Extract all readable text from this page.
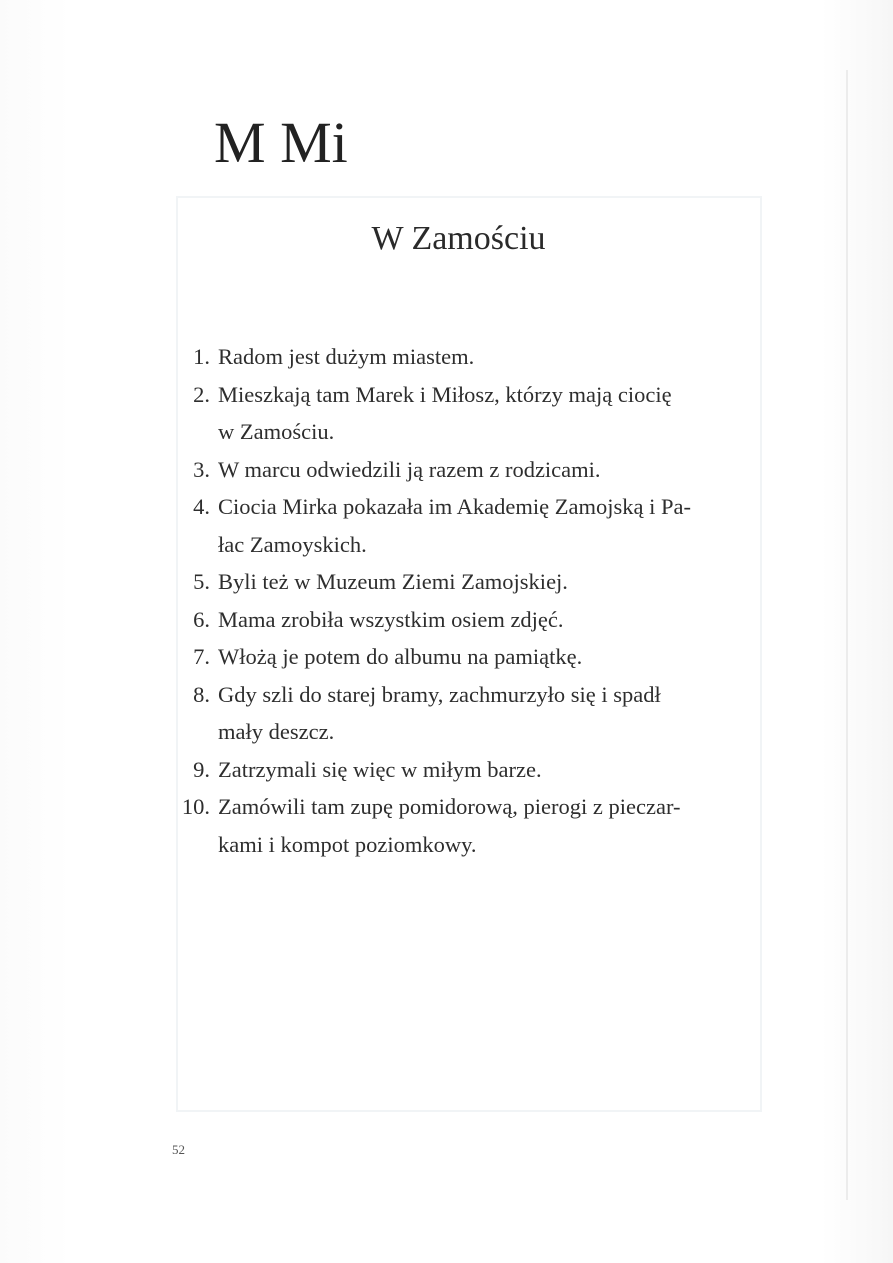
M Mi
W Zamościu
1. Radom jest dużym miastem.
2. Mieszkają tam Marek i Miłosz, którzy mają ciocię
w Zamościu.
3. W marcu odwiedzili ją razem z rodzicami.
4. Ciocia Mirka pokazała im Akademię Zamojską i Pa-
łac Zamoyskich.
5. Byli też w Muzeum Ziemi Zamojskiej.
6. Mama zrobiła wszystkim osiem zdjęć.
7. Włożą je potem do albumu na pamiątkę.
8. Gdy szli do starej bramy, zachmurzyło się i spadł
mały deszcz.
9. Zatrzymali się więc w miłym barze.
10. Zamówili tam zupę pomidorową, pierogi z pieczar-
kami i kompot poziomkowy.
52
